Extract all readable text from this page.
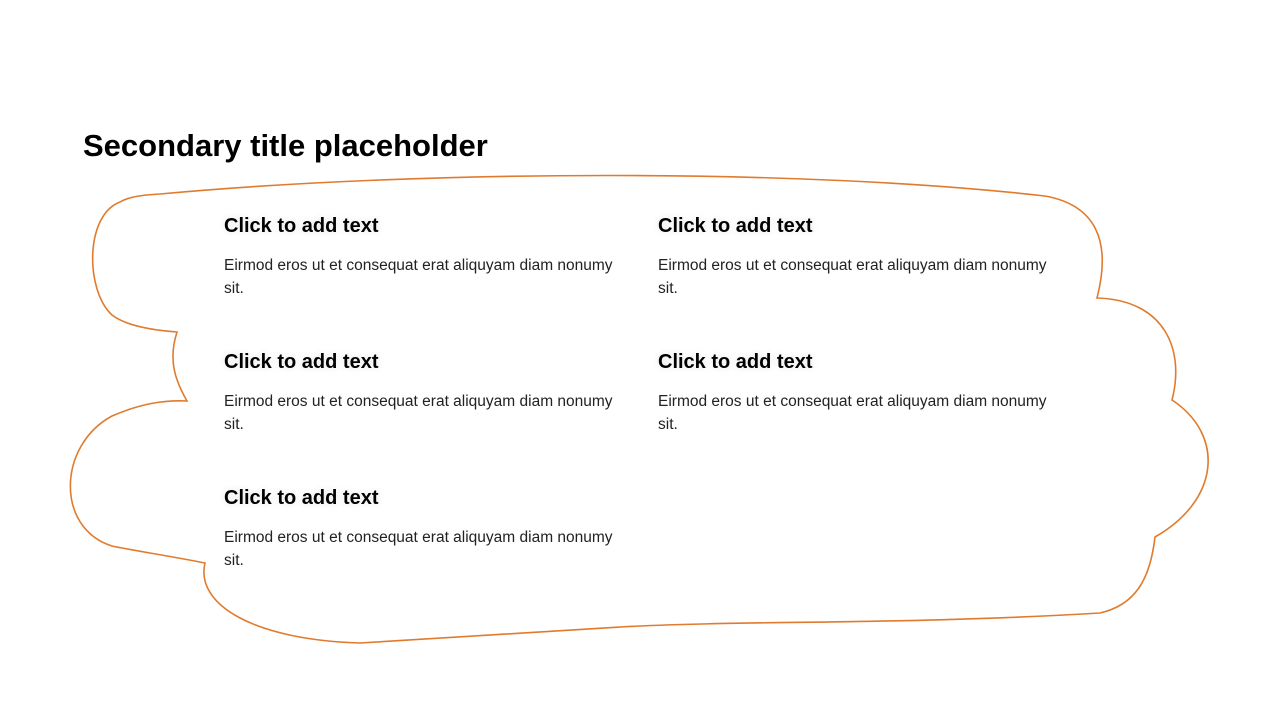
Secondary title placeholder

Click to add text

Eirmod eros ut et consequat erat aliquyam diam nonumy sit.

Click to add text

Eirmod eros ut et consequat erat aliquyam diam nonumy sit.

Click to add text

Eirmod eros ut et consequat erat aliquyam diam nonumy sit.

Click to add text

Eirmod eros ut et consequat erat aliquyam diam nonumy sit.

Click to add text

Eirmod eros ut et consequat erat aliquyam diam nonumy sit.
